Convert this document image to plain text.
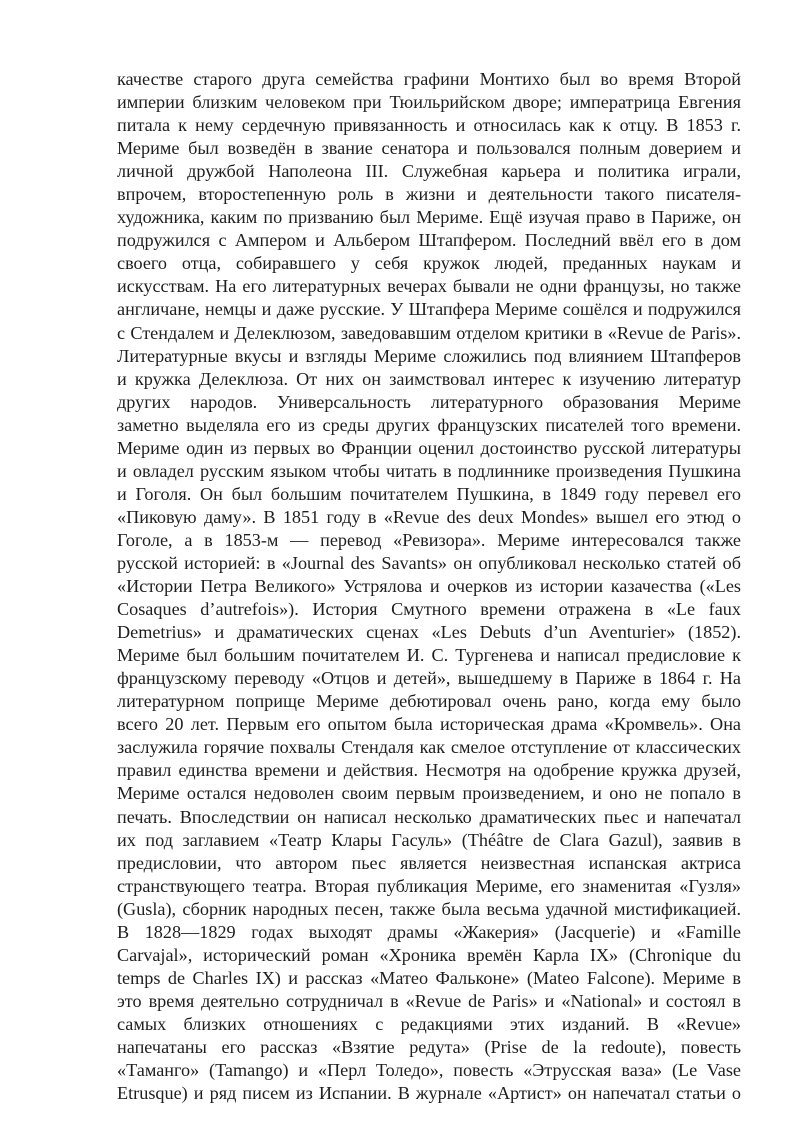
качестве старого друга семейства графини Монтихо был во время Второй
империи близким человеком при Тюильрийском дворе; императрица Евгения
питала к нему сердечную привязанность и относилась как к отцу. В 1853 г.
Мериме был возведён в звание сенатора и пользовался полным доверием и
личной дружбой Наполеона III. Служебная карьера и политика играли,
впрочем, второстепенную роль в жизни и деятельности такого писателя-
художника, каким по призванию был Мериме. Ещё изучая право в Париже, он
подружился с Ампером и Альбером Штапфером. Последний ввёл его в дом
своего отца, собиравшего у себя кружок людей, преданных наукам и
искусствам. На его литературных вечерах бывали не одни французы, но также
англичане, немцы и даже русские. У Штапфера Мериме сошёлся и подружился
с Стендалем и Делеклюзом, заведовавшим отделом критики в «Revue de Paris».
Литературные вкусы и взгляды Мериме сложились под влиянием Штапферов
и кружка Делеклюза. От них он заимствовал интерес к изучению литератур
других народов. Универсальность литературного образования Мериме
заметно выделяла его из среды других французских писателей того времени.
Мериме один из первых во Франции оценил достоинство русской литературы
и овладел русским языком чтобы читать в подлиннике произведения Пушкина
и Гоголя. Он был большим почитателем Пушкина, в 1849 году перевел его
«Пиковую даму». В 1851 году в «Revue des deux Mondes» вышел его этюд о
Гоголе, а в 1853-м — перевод «Ревизора». Мериме интересовался также
русской историей: в «Journal des Savants» он опубликовал несколько статей об
«Истории Петра Великого» Устрялова и очерков из истории казачества («Les
Cosaques d’autrefois»). История Смутного времени отражена в «Le faux
Demetrius» и драматических сценах «Les Debuts d’un Aventurier» (1852).
Мериме был большим почитателем И. С. Тургенева и написал предисловие к
французскому переводу «Отцов и детей», вышедшему в Париже в 1864 г. На
литературном поприще Мериме дебютировал очень рано, когда ему было
всего 20 лет. Первым его опытом была историческая драма «Кромвель». Она
заслужила горячие похвалы Стендаля как смелое отступление от классических
правил единства времени и действия. Несмотря на одобрение кружка друзей,
Мериме остался недоволен своим первым произведением, и оно не попало в
печать. Впоследствии он написал несколько драматических пьес и напечатал
их под заглавием «Театр Клары Гасуль» (Théâtre de Clara Gazul), заявив в
предисловии, что автором пьес является неизвестная испанская актриса
странствующего театра. Вторая публикация Мериме, его знаменитая «Гузля»
(Gusla), сборник народных песен, также была весьма удачной мистификацией.
В 1828—1829 годах выходят драмы «Жакерия» (Jacquerie) и «Famille
Carvajal», исторический роман «Хроника времён Карла IX» (Chronique du
temps de Charles IX) и рассказ «Матео Фальконе» (Mateo Falcone). Мериме в
это время деятельно сотрудничал в «Revue de Paris» и «National» и состоял в
самых близких отношениях с редакциями этих изданий. В «Revue»
напечатаны его рассказ «Взятие редута» (Prise de la redoute), повесть
«Таманго» (Tamango) и «Перл Толедо», повесть «Этрусская ваза» (Le Vase
Etrusque) и ряд писем из Испании. В журнале «Артист» он напечатал статьи о
